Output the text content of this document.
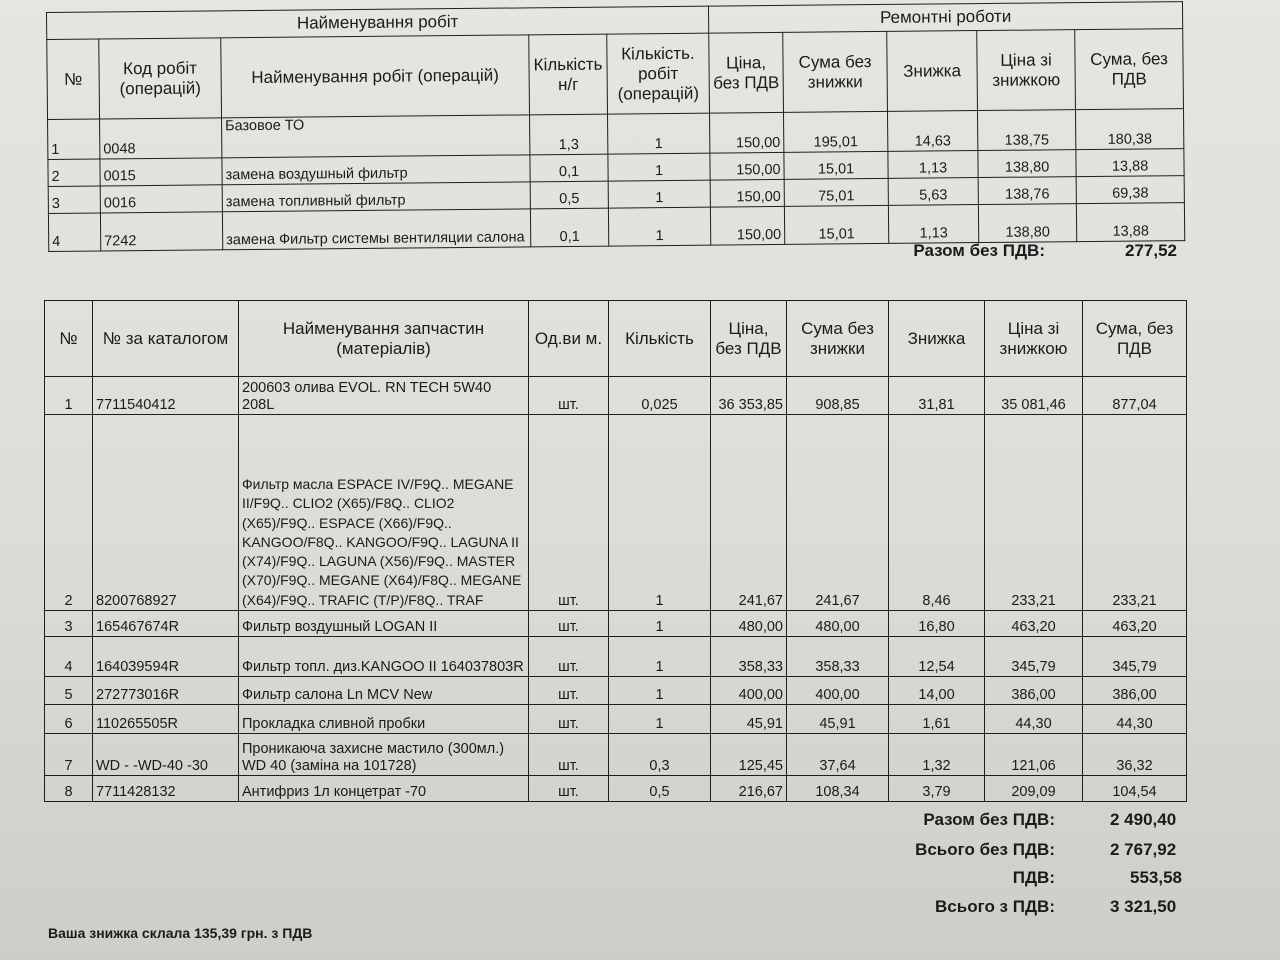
Найменування робіт					Ремонтні роботи				
№	Код робіт (операцій)	Найменування робіт (операцій)	Кількість н/г	Кількість. робіт (операцій)	Ціна, без ПДВ	Сума без знижки	Знижка	Ціна зі знижкою	Сума, без ПДВ
1	0048	Базовое ТО	1,3	1	150,00	195,01	14,63	138,75	180,38
2	0015	замена воздушный фильтр	0,1	1	150,00	15,01	1,13	138,80	13,88
3	0016	замена топливный фильтр	0,5	1	150,00	75,01	5,63	138,76	69,38
4	7242	замена Фильтр системы вентиляции салона	0,1	1	150,00	15,01	1,13	138,80	13,88
Разом без ПДВ:	277,52
№	№ за каталогом	Найменування запчастин (матеріалів)	Од.ви м.	Кількість	Ціна, без ПДВ	Сума без знижки	Знижка	Ціна зі знижкою	Сума, без ПДВ
1	7711540412	200603 олива EVOL. RN TECH 5W40 208L	шт.	0,025	36 353,85	908,85	31,81	35 081,46	877,04
2	8200768927	Фильтр масла ESPACE IV/F9Q.. MEGANE II/F9Q.. CLIO2 (X65)/F8Q.. CLIO2 (X65)/F9Q.. ESPACE (X66)/F9Q.. KANGOO/F8Q.. KANGOO/F9Q.. LAGUNA II (X74)/F9Q.. LAGUNA (X56)/F9Q.. MASTER (X70)/F9Q.. MEGANE (X64)/F8Q.. MEGANE (X64)/F9Q.. TRAFIC (T/P)/F8Q.. TRAF	шт.	1	241,67	241,67	8,46	233,21	233,21
3	165467674R	Фильтр воздушный LOGAN II	шт.	1	480,00	480,00	16,80	463,20	463,20
4	164039594R	Фильтр топл. диз.KANGOO II 164037803R	шт.	1	358,33	358,33	12,54	345,79	345,79
5	272773016R	Фильтр салона Ln MCV New	шт.	1	400,00	400,00	14,00	386,00	386,00
6	110265505R	Прокладка сливной пробки	шт.	1	45,91	45,91	1,61	44,30	44,30
7	WD - -WD-40 -30	Проникаюча захисне мастило (300мл.) WD 40 (заміна на 101728)	шт.	0,3	125,45	37,64	1,32	121,06	36,32
8	7711428132	Антифриз 1л концетрат -70	шт.	0,5	216,67	108,34	3,79	209,09	104,54
Разом без ПДВ:	2 490,40
Всього без ПДВ:	2 767,92
ПДВ:	553,58
Всього з ПДВ:	3 321,50
Ваша знижка склала 135,39 грн. з ПДВ
